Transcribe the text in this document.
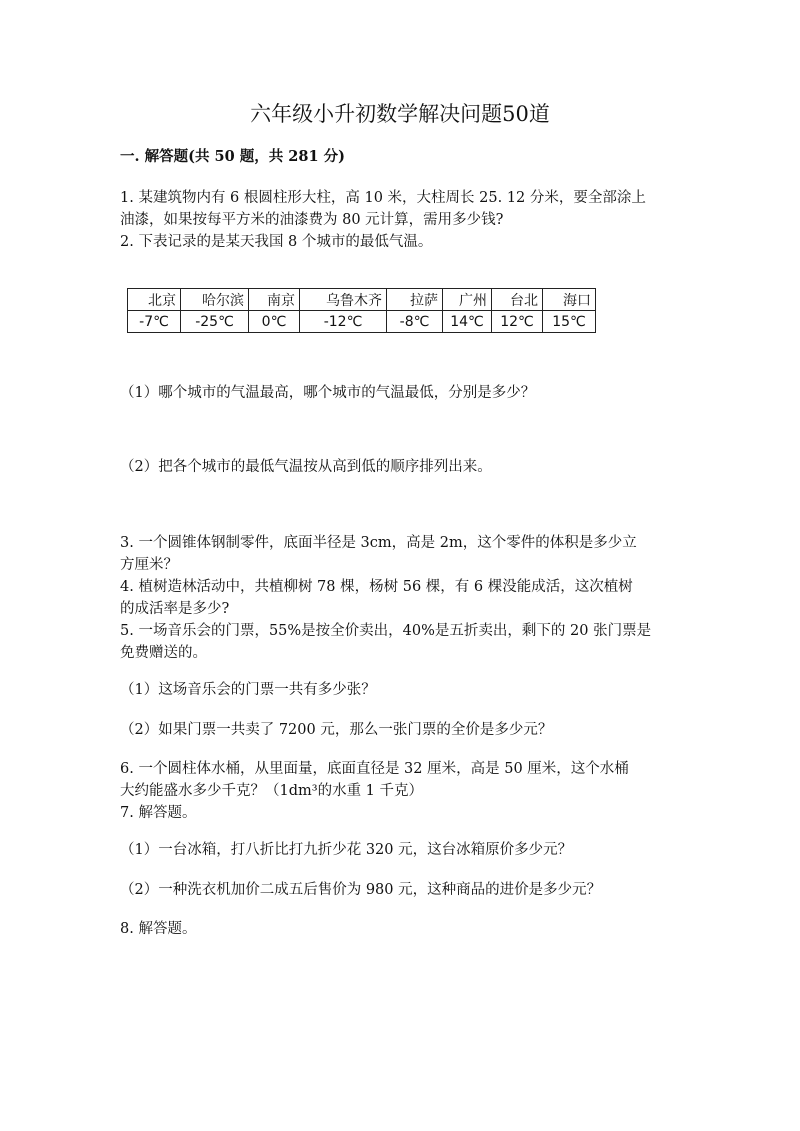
六年级小升初数学解决问题50道
一. 解答题(共 50 题，共 281 分)
1. 某建筑物内有 6 根圆柱形大柱，高 10 米，大柱周长 25. 12 分米，要全部涂上
油漆，如果按每平方米的油漆费为 80 元计算，需用多少钱?
2. 下表记录的是某天我国 8 个城市的最低气温。
北京	哈尔滨	南京	乌鲁木齐	拉萨	广州	台北	海口
-7℃	-25℃	0℃	-12℃	-8℃	14℃	12℃	15℃
（1）哪个城市的气温最高，哪个城市的气温最低，分别是多少？
（2）把各个城市的最低气温按从高到低的顺序排列出来。
3. 一个圆锥体钢制零件，底面半径是 3cm，高是 2m，这个零件的体积是多少立
方厘米？
4. 植树造林活动中，共植柳树 78 棵，杨树 56 棵，有 6 棵没能成活，这次植树
的成活率是多少?
5. 一场音乐会的门票，55%是按全价卖出，40%是五折卖出，剩下的 20 张门票是
免费赠送的。
（1）这场音乐会的门票一共有多少张？
（2）如果门票一共卖了 7200 元，那么一张门票的全价是多少元？
6. 一个圆柱体水桶，从里面量，底面直径是 32 厘米，高是 50 厘米，这个水桶
大约能盛水多少千克？（1dm³的水重 1 千克）
7. 解答题。
（1）一台冰箱，打八折比打九折少花 320 元，这台冰箱原价多少元？
（2）一种洗衣机加价二成五后售价为 980 元，这种商品的进价是多少元？
8. 解答题。
